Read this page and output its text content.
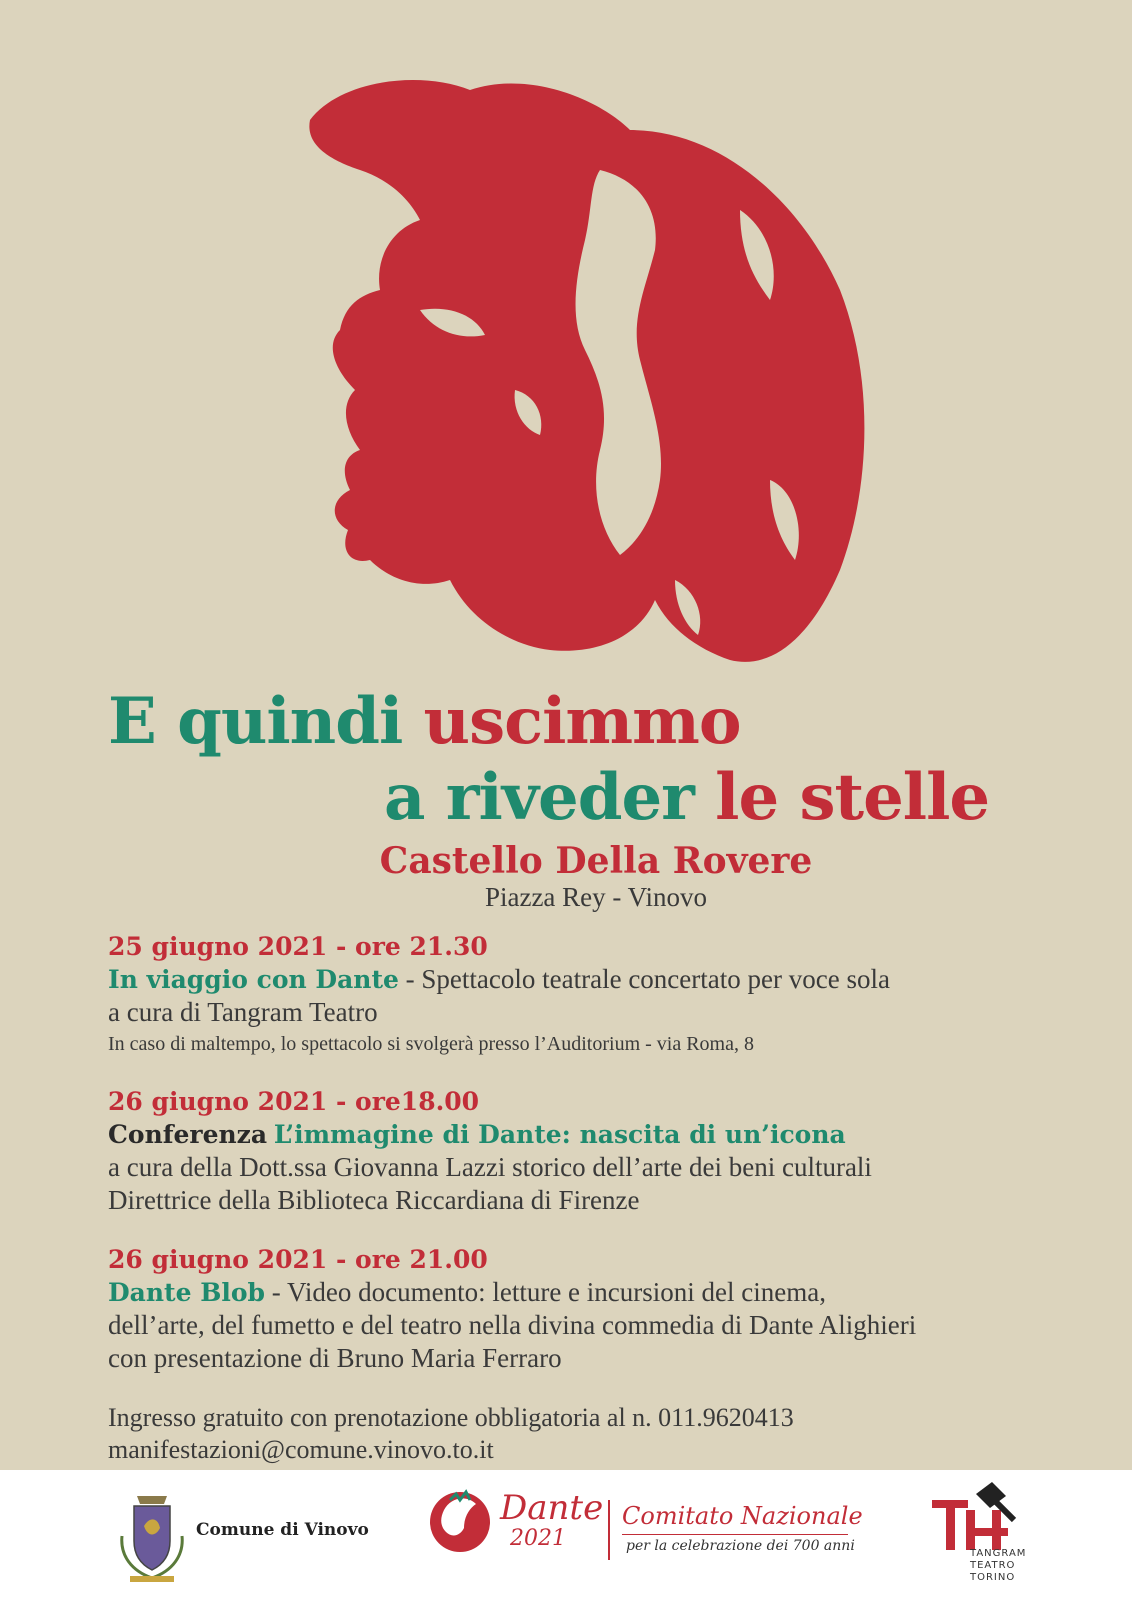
E quindi uscimmo
a riveder le stelle
Castello Della Rovere
Piazza Rey - Vinovo
25 giugno 2021 - ore 21.30
In viaggio con Dante - Spettacolo teatrale concertato per voce sola
a cura di Tangram Teatro
In caso di maltempo, lo spettacolo si svolgerà presso l’Auditorium - via Roma, 8
26 giugno 2021 - ore18.00
Conferenza L’immagine di Dante: nascita di un’icona
a cura della Dott.ssa Giovanna Lazzi storico dell’arte dei beni culturali
Direttrice della Biblioteca Riccardiana di Firenze
26 giugno 2021 - ore 21.00
Dante Blob - Video documento: letture e incursioni del cinema,
dell’arte, del fumetto e del teatro nella divina commedia di Dante Alighieri
con presentazione di Bruno Maria Ferraro
Ingresso gratuito con prenotazione obbligatoria al n. 011.9620413
manifestazioni@comune.vinovo.to.it
Comune di Vinovo
Dante
2021
Comitato Nazionale
per la celebrazione dei 700 anni	TANGRAM
TEATRO
TORINO
